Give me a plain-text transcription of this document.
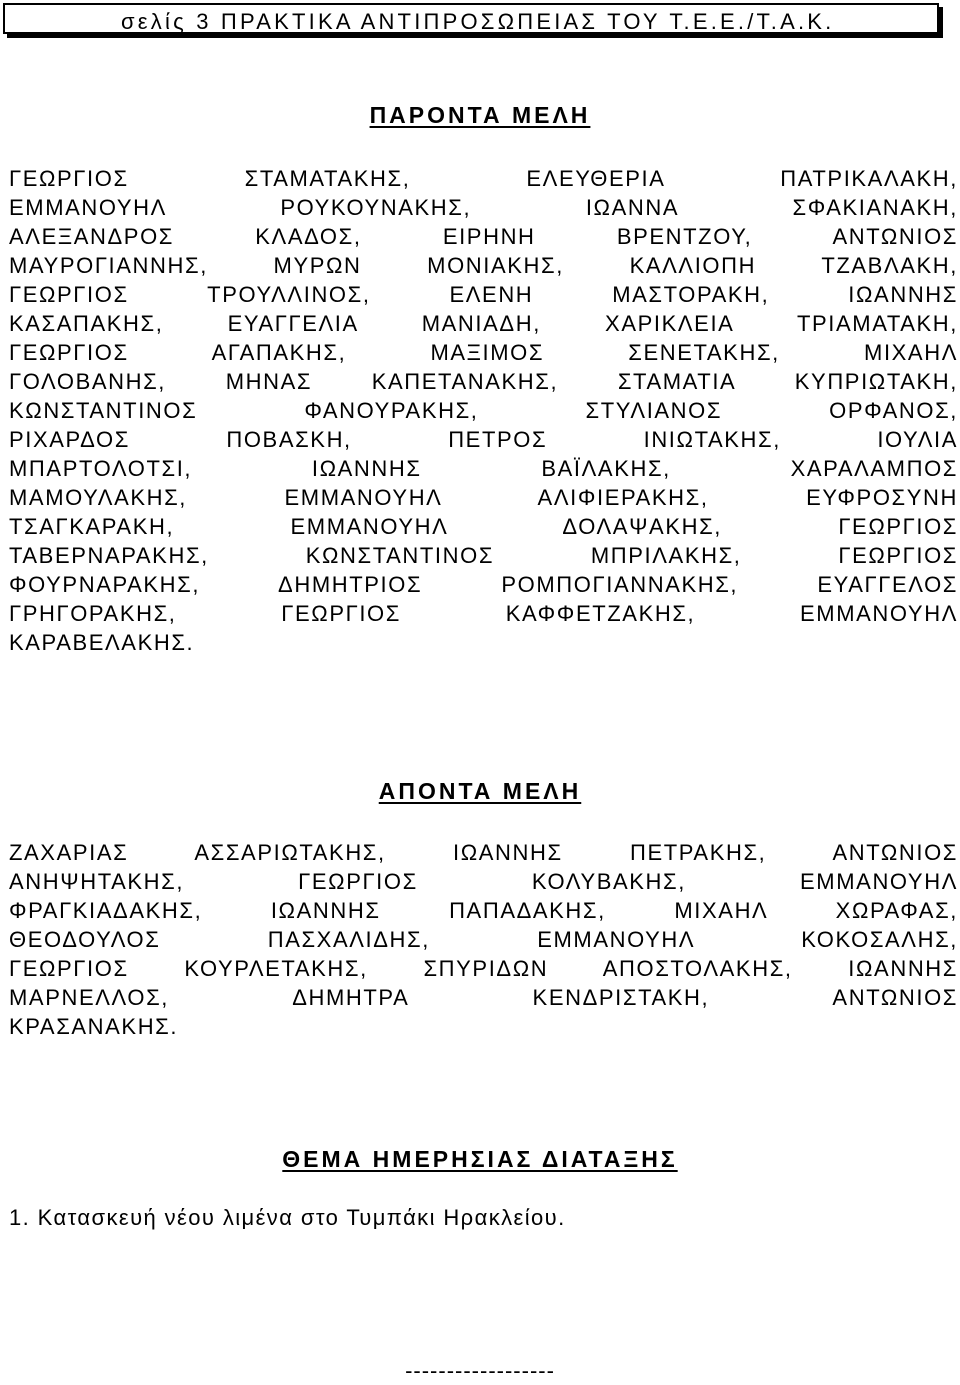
σελίς 3 ΠΡΑΚΤΙΚΑ ΑΝΤΙΠΡΟΣΩΠΕΙΑΣ ΤΟΥ Τ.Ε.Ε./Τ.Α.Κ.
ΠΑΡΟΝΤΑ ΜΕΛΗ
ΓΕΩΡΓΙΟΣ ΣΤΑΜΑΤΑΚΗΣ, ΕΛΕΥΘΕΡΙΑ ΠΑΤΡΙΚΑΛΑΚΗ,
ΕΜΜΑΝΟΥΗΛ ΡΟΥΚΟΥΝΑΚΗΣ, ΙΩΑΝΝΑ ΣΦΑΚΙΑΝΑΚΗ,
ΑΛΕΞΑΝΔΡΟΣ ΚΛΑΔΟΣ, ΕΙΡΗΝΗ ΒΡΕΝΤΖΟΥ, ΑΝΤΩΝΙΟΣ
ΜΑΥΡΟΓΙΑΝΝΗΣ, ΜΥΡΩΝ ΜΟΝΙΑΚΗΣ, ΚΑΛΛΙΟΠΗ ΤΖΑΒΛΑΚΗ,
ΓΕΩΡΓΙΟΣ ΤΡΟΥΛΛΙΝΟΣ, ΕΛΕΝΗ ΜΑΣΤΟΡΑΚΗ, ΙΩΑΝΝΗΣ
ΚΑΣΑΠΑΚΗΣ, ΕΥΑΓΓΕΛΙΑ ΜΑΝΙΑΔΗ, ΧΑΡΙΚΛΕΙΑ ΤΡΙΑΜΑΤΑΚΗ,
ΓΕΩΡΓΙΟΣ ΑΓΑΠΑΚΗΣ, ΜΑΞΙΜΟΣ ΣΕΝΕΤΑΚΗΣ, ΜΙΧΑΗΛ
ΓΟΛΟΒΑΝΗΣ, ΜΗΝΑΣ ΚΑΠΕΤΑΝΑΚΗΣ, ΣΤΑΜΑΤΙΑ ΚΥΠΡΙΩΤΑΚΗ,
ΚΩΝΣΤΑΝΤΙΝΟΣ ΦΑΝΟΥΡΑΚΗΣ, ΣΤΥΛΙΑΝΟΣ ΟΡΦΑΝΟΣ,
ΡΙΧΑΡΔΟΣ ΠΟΒΑΣΚΗ, ΠΕΤΡΟΣ ΙΝΙΩΤΑΚΗΣ, ΙΟΥΛΙΑ
ΜΠΑΡΤΟΛΟΤΣΙ, ΙΩΑΝΝΗΣ ΒΑΪΛΑΚΗΣ, ΧΑΡΑΛΑΜΠΟΣ
ΜΑΜΟΥΛΑΚΗΣ, ΕΜΜΑΝΟΥΗΛ ΑΛΙΦΙΕΡΑΚΗΣ, ΕΥΦΡΟΣΥΝΗ
ΤΣΑΓΚΑΡΑΚΗ, ΕΜΜΑΝΟΥΗΛ ΔΟΛΑΨΑΚΗΣ, ΓΕΩΡΓΙΟΣ
ΤΑΒΕΡΝΑΡΑΚΗΣ, ΚΩΝΣΤΑΝΤΙΝΟΣ ΜΠΡΙΛΑΚΗΣ, ΓΕΩΡΓΙΟΣ
ΦΟΥΡΝΑΡΑΚΗΣ, ΔΗΜΗΤΡΙΟΣ ΡΟΜΠΟΓΙΑΝΝΑΚΗΣ, ΕΥΑΓΓΕΛΟΣ
ΓΡΗΓΟΡΑΚΗΣ, ΓΕΩΡΓΙΟΣ ΚΑΦΦΕΤΖΑΚΗΣ, ΕΜΜΑΝΟΥΗΛ
ΚΑΡΑΒΕΛΑΚΗΣ.
ΑΠΟΝΤΑ ΜΕΛΗ
ΖΑΧΑΡΙΑΣ ΑΣΣΑΡΙΩΤΑΚΗΣ, ΙΩΑΝΝΗΣ ΠΕΤΡΑΚΗΣ, ΑΝΤΩΝΙΟΣ
ΑΝΗΨΗΤΑΚΗΣ, ΓΕΩΡΓΙΟΣ ΚΟΛΥΒΑΚΗΣ, ΕΜΜΑΝΟΥΗΛ
ΦΡΑΓΚΙΑΔΑΚΗΣ, ΙΩΑΝΝΗΣ ΠΑΠΑΔΑΚΗΣ, ΜΙΧΑΗΛ ΧΩΡΑΦΑΣ,
ΘΕΟΔΟΥΛΟΣ ΠΑΣΧΑΛΙΔΗΣ, ΕΜΜΑΝΟΥΗΛ ΚΟΚΟΣΑΛΗΣ,
ΓΕΩΡΓΙΟΣ ΚΟΥΡΛΕΤΑΚΗΣ, ΣΠΥΡΙΔΩΝ ΑΠΟΣΤΟΛΑΚΗΣ, ΙΩΑΝΝΗΣ
ΜΑΡΝΕΛΛΟΣ, ΔΗΜΗΤΡΑ ΚΕΝΔΡΙΣΤΑΚΗ, ΑΝΤΩΝΙΟΣ
ΚΡΑΣΑΝΑΚΗΣ.
ΘΕΜΑ ΗΜΕΡΗΣΙΑΣ ΔΙΑΤΑΞΗΣ
1. Κατασκευή νέου λιμένα στο Τυμπάκι Ηρακλείου.
------------------
